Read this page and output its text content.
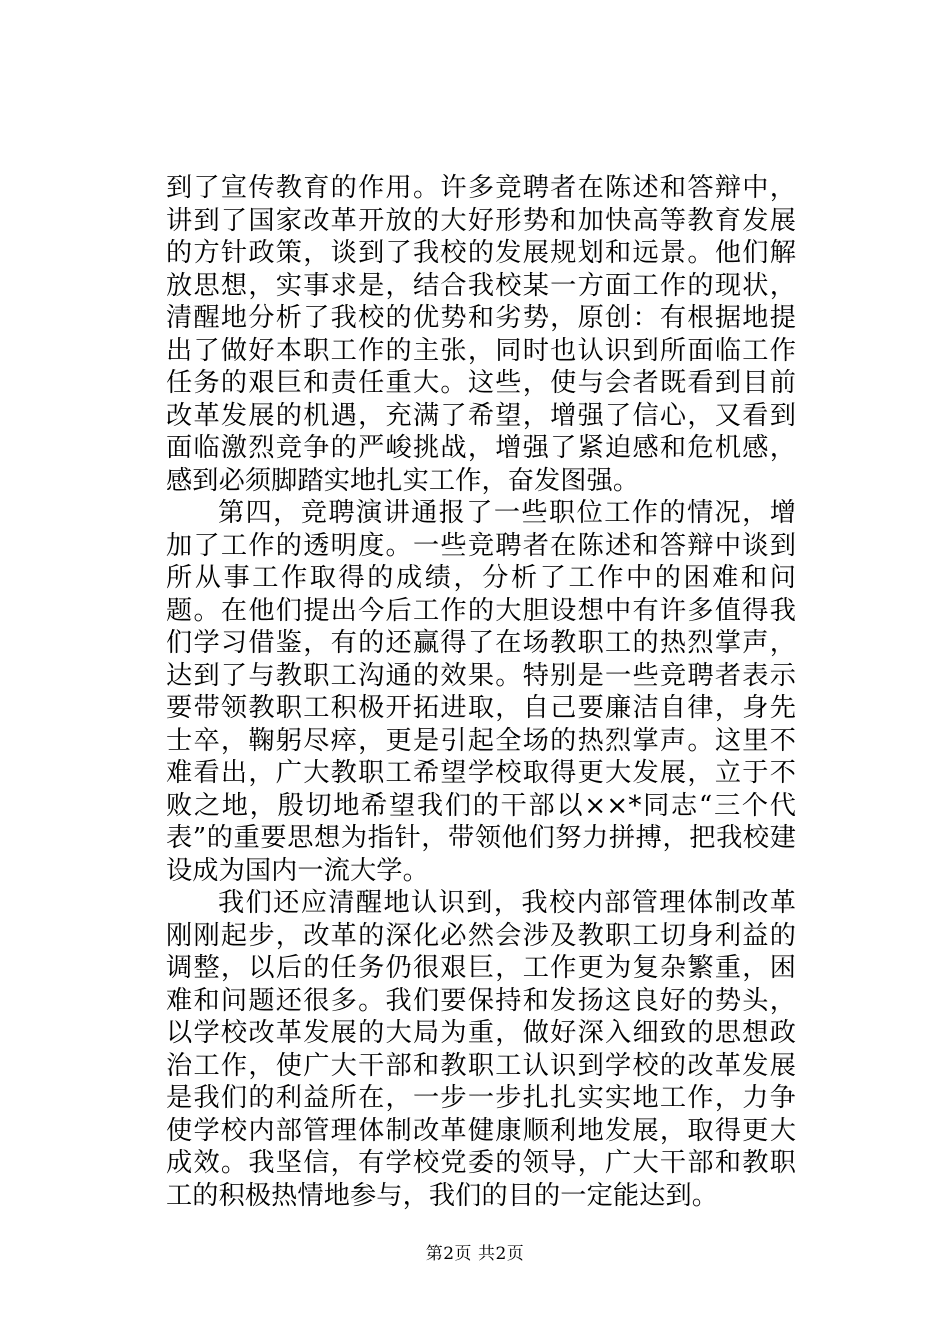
到了宣传教育的作用。许多竞聘者在陈述和答辩中，讲到了国家改革开放的大好形势和加快高等教育发展的方针政策，谈到了我校的发展规划和远景。他们解放思想，实事求是，结合我校某一方面工作的现状，清醒地分析了我校的优势和劣势，原创：有根据地提出了做好本职工作的主张，同时也认识到所面临工作任务的艰巨和责任重大。这些，使与会者既看到目前改革发展的机遇，充满了希望，增强了信心，又看到面临激烈竞争的严峻挑战，增强了紧迫感和危机感，感到必须脚踏实地扎实工作，奋发图强。

第四，竞聘演讲通报了一些职位工作的情况，增加了工作的透明度。一些竞聘者在陈述和答辩中谈到所从事工作取得的成绩，分析了工作中的困难和问题。在他们提出今后工作的大胆设想中有许多值得我们学习借鉴，有的还赢得了在场教职工的热烈掌声，达到了与教职工沟通的效果。特别是一些竞聘者表示要带领教职工积极开拓进取，自己要廉洁自律，身先士卒，鞠躬尽瘁，更是引起全场的热烈掌声。这里不难看出，广大教职工希望学校取得更大发展，立于不败之地，殷切地希望我们的干部以××*同志“三个代表”的重要思想为指针，带领他们努力拼搏，把我校建设成为国内一流大学。

我们还应清醒地认识到，我校内部管理体制改革刚刚起步，改革的深化必然会涉及教职工切身利益的调整，以后的任务仍很艰巨，工作更为复杂繁重，困难和问题还很多。我们要保持和发扬这良好的势头，以学校改革发展的大局为重，做好深入细致的思想政治工作，使广大干部和教职工认识到学校的改革发展是我们的利益所在，一步一步扎扎实实地工作，力争使学校内部管理体制改革健康顺利地发展，取得更大成效。我坚信，有学校党委的领导，广大干部和教职工的积极热情地参与，我们的目的一定能达到。

第2页 共2页
